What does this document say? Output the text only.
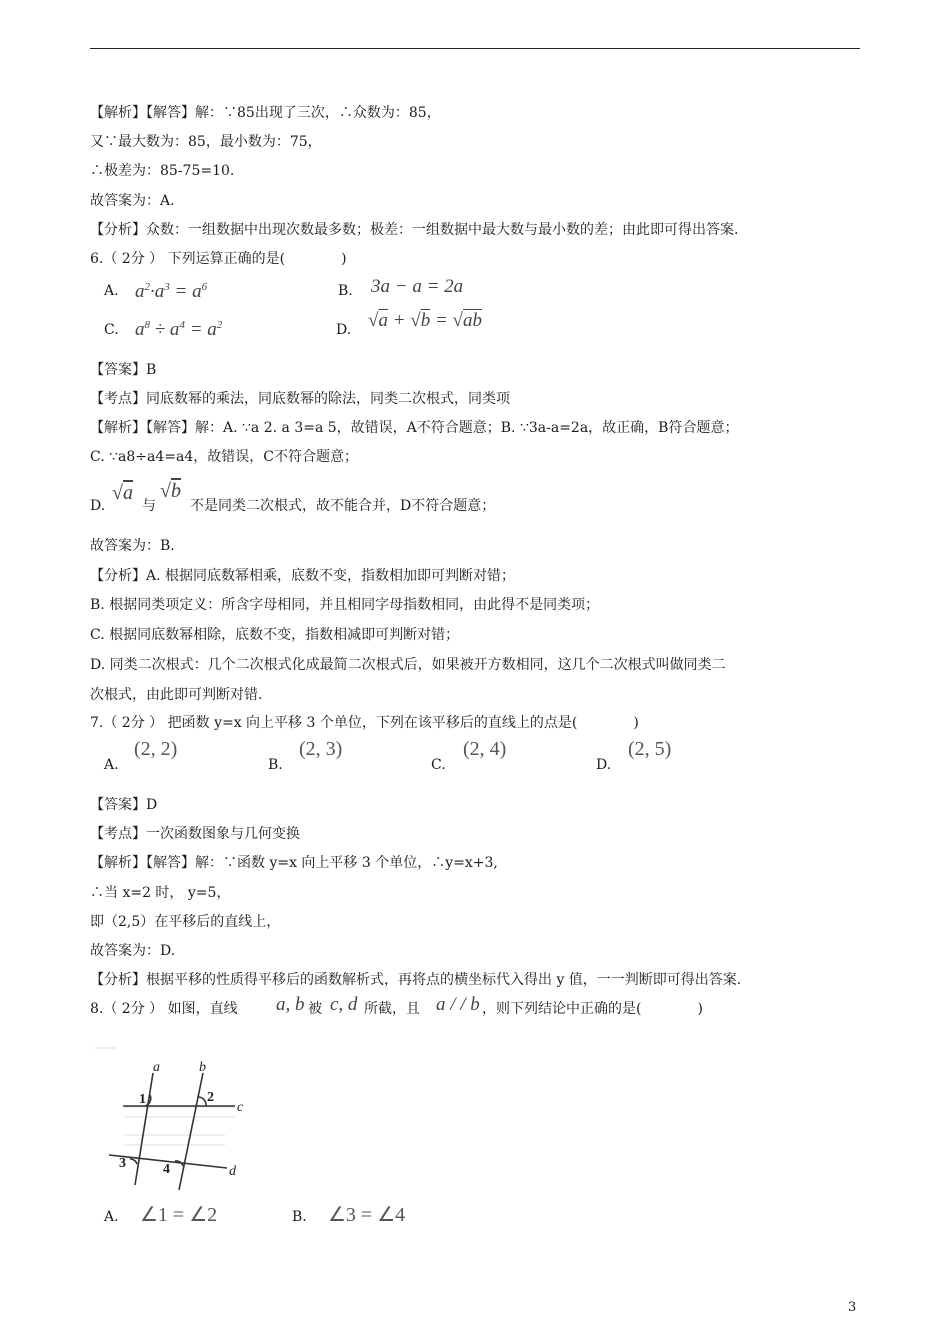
【解析】【解答】解：∵85出现了三次，∴众数为：85，
又∵最大数为：85，最小数为：75，
∴极差为：85-75=10.
故答案为：A.
【分析】众数：一组数据中出现次数最多数；极差：一组数据中最大数与最小数的差；由此即可得出答案.
6.（ 2分 ） 下列运算正确的是(　　　　)
A. $a^2\cdot a^3 = a^6$	B. 3a − a = 2a
C. $a^8 \div a^4 = a^2$	D. √a + √b = √ab
【答案】B
【考点】同底数幂的乘法，同底数幂的除法，同类二次根式，同类项
【解析】【解答】解：A. ∵a 2. a 3=a 5，故错误，A不符合题意；B. ∵3a-a=2a，故正确，B符合题意；
C. ∵a8÷a4=a4，故错误，C不符合题意；
D.
√a
与
√b
不是同类二次根式，故不能合并，D不符合题意；
故答案为：B.
【分析】A. 根据同底数幂相乘，底数不变，指数相加即可判断对错；
B. 根据同类项定义：所含字母相同，并且相同字母指数相同，由此得不是同类项；
C. 根据同底数幂相除，底数不变，指数相减即可判断对错；
D. 同类二次根式：几个二次根式化成最简二次根式后，如果被开方数相同，这几个二次根式叫做同类二
次根式，由此即可判断对错.
7.（ 2分 ） 把函数 y=x 向上平移 3 个单位，下列在该平移后的直线上的点是(　　　　)
A.
(2, 2)
B.
(2, 3)
C.
(2, 4)
D.
(2, 5)
【答案】D
【考点】一次函数图象与几何变换
【解析】【解答】解：∵函数 y=x 向上平移 3 个单位，∴y=x+3,
∴当 x=2 时， y=5，
即（2,5）在平移后的直线上，
故答案为：D.
【分析】根据平移的性质得平移后的函数解析式，再将点的横坐标代入得出 y 值，一一判断即可得出答案.
8.（ 2分 ） 如图，直线 a, b 被 c, d 所截，且 a / / b ，则下列结论中正确的是(　　　　)
a	b
c
d
1	2
3	4
A. ∠1 = ∠2	B. ∠3 = ∠4
3
